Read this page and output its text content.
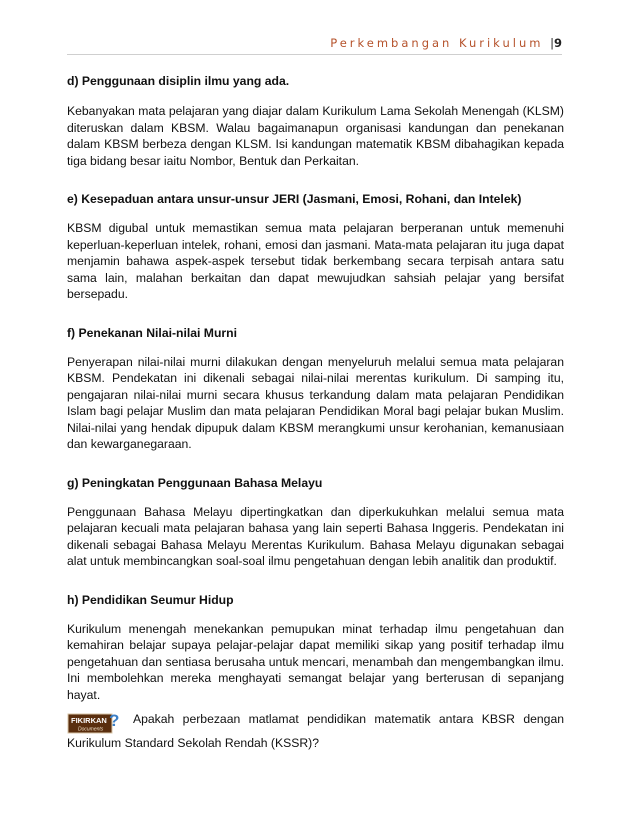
Perkembangan Kurikulum |9

d) Penggunaan disiplin ilmu yang ada.

Kebanyakan mata pelajaran yang diajar dalam Kurikulum Lama Sekolah Menengah (KLSM) diteruskan dalam KBSM. Walau bagaimanapun organisasi kandungan dan penekanan dalam KBSM berbeza dengan KLSM. Isi kandungan matematik KBSM dibahagikan kepada tiga bidang besar iaitu Nombor, Bentuk dan Perkaitan.

e) Kesepaduan antara unsur-unsur JERI (Jasmani, Emosi, Rohani, dan Intelek)

KBSM digubal untuk memastikan semua mata pelajaran berperanan untuk memenuhi keperluan-keperluan intelek, rohani, emosi dan jasmani. Mata-mata pelajaran itu juga dapat menjamin bahawa aspek-aspek tersebut tidak berkembang secara terpisah antara satu sama lain, malahan berkaitan dan dapat mewujudkan sahsiah pelajar yang bersifat bersepadu.

f) Penekanan Nilai-nilai Murni

Penyerapan nilai-nilai murni dilakukan dengan menyeluruh melalui semua mata pelajaran KBSM. Pendekatan ini dikenali sebagai nilai-nilai merentas kurikulum. Di samping itu, pengajaran nilai-nilai murni secara khusus terkandung dalam mata pelajaran Pendidikan Islam bagi pelajar Muslim dan mata pelajaran Pendidikan Moral bagi pelajar bukan Muslim. Nilai-nilai yang hendak dipupuk dalam KBSM merangkumi unsur kerohanian, kemanusiaan dan kewarganegaraan.

g) Peningkatan Penggunaan Bahasa Melayu

Penggunaan Bahasa Melayu dipertingkatkan dan diperkukuhkan melalui semua mata pelajaran kecuali mata pelajaran bahasa yang lain seperti Bahasa Inggeris. Pendekatan ini dikenali sebagai Bahasa Melayu Merentas Kurikulum. Bahasa Melayu digunakan sebagai alat untuk membincangkan soal-soal ilmu pengetahuan dengan lebih analitik dan produktif.

h) Pendidikan Seumur Hidup

Kurikulum menengah menekankan pemupukan minat terhadap ilmu pengetahuan dan kemahiran belajar supaya pelajar-pelajar dapat memiliki sikap yang positif terhadap ilmu pengetahuan dan sentiasa berusaha untuk mencari, menambah dan mengembangkan ilmu. Ini membolehkan mereka menghayati semangat belajar yang berterusan di sepanjang hayat.

FIKIRKAN
Documents ? Apakah perbezaan matlamat pendidikan matematik antara KBSR dengan Kurikulum Standard Sekolah Rendah (KSSR)?
